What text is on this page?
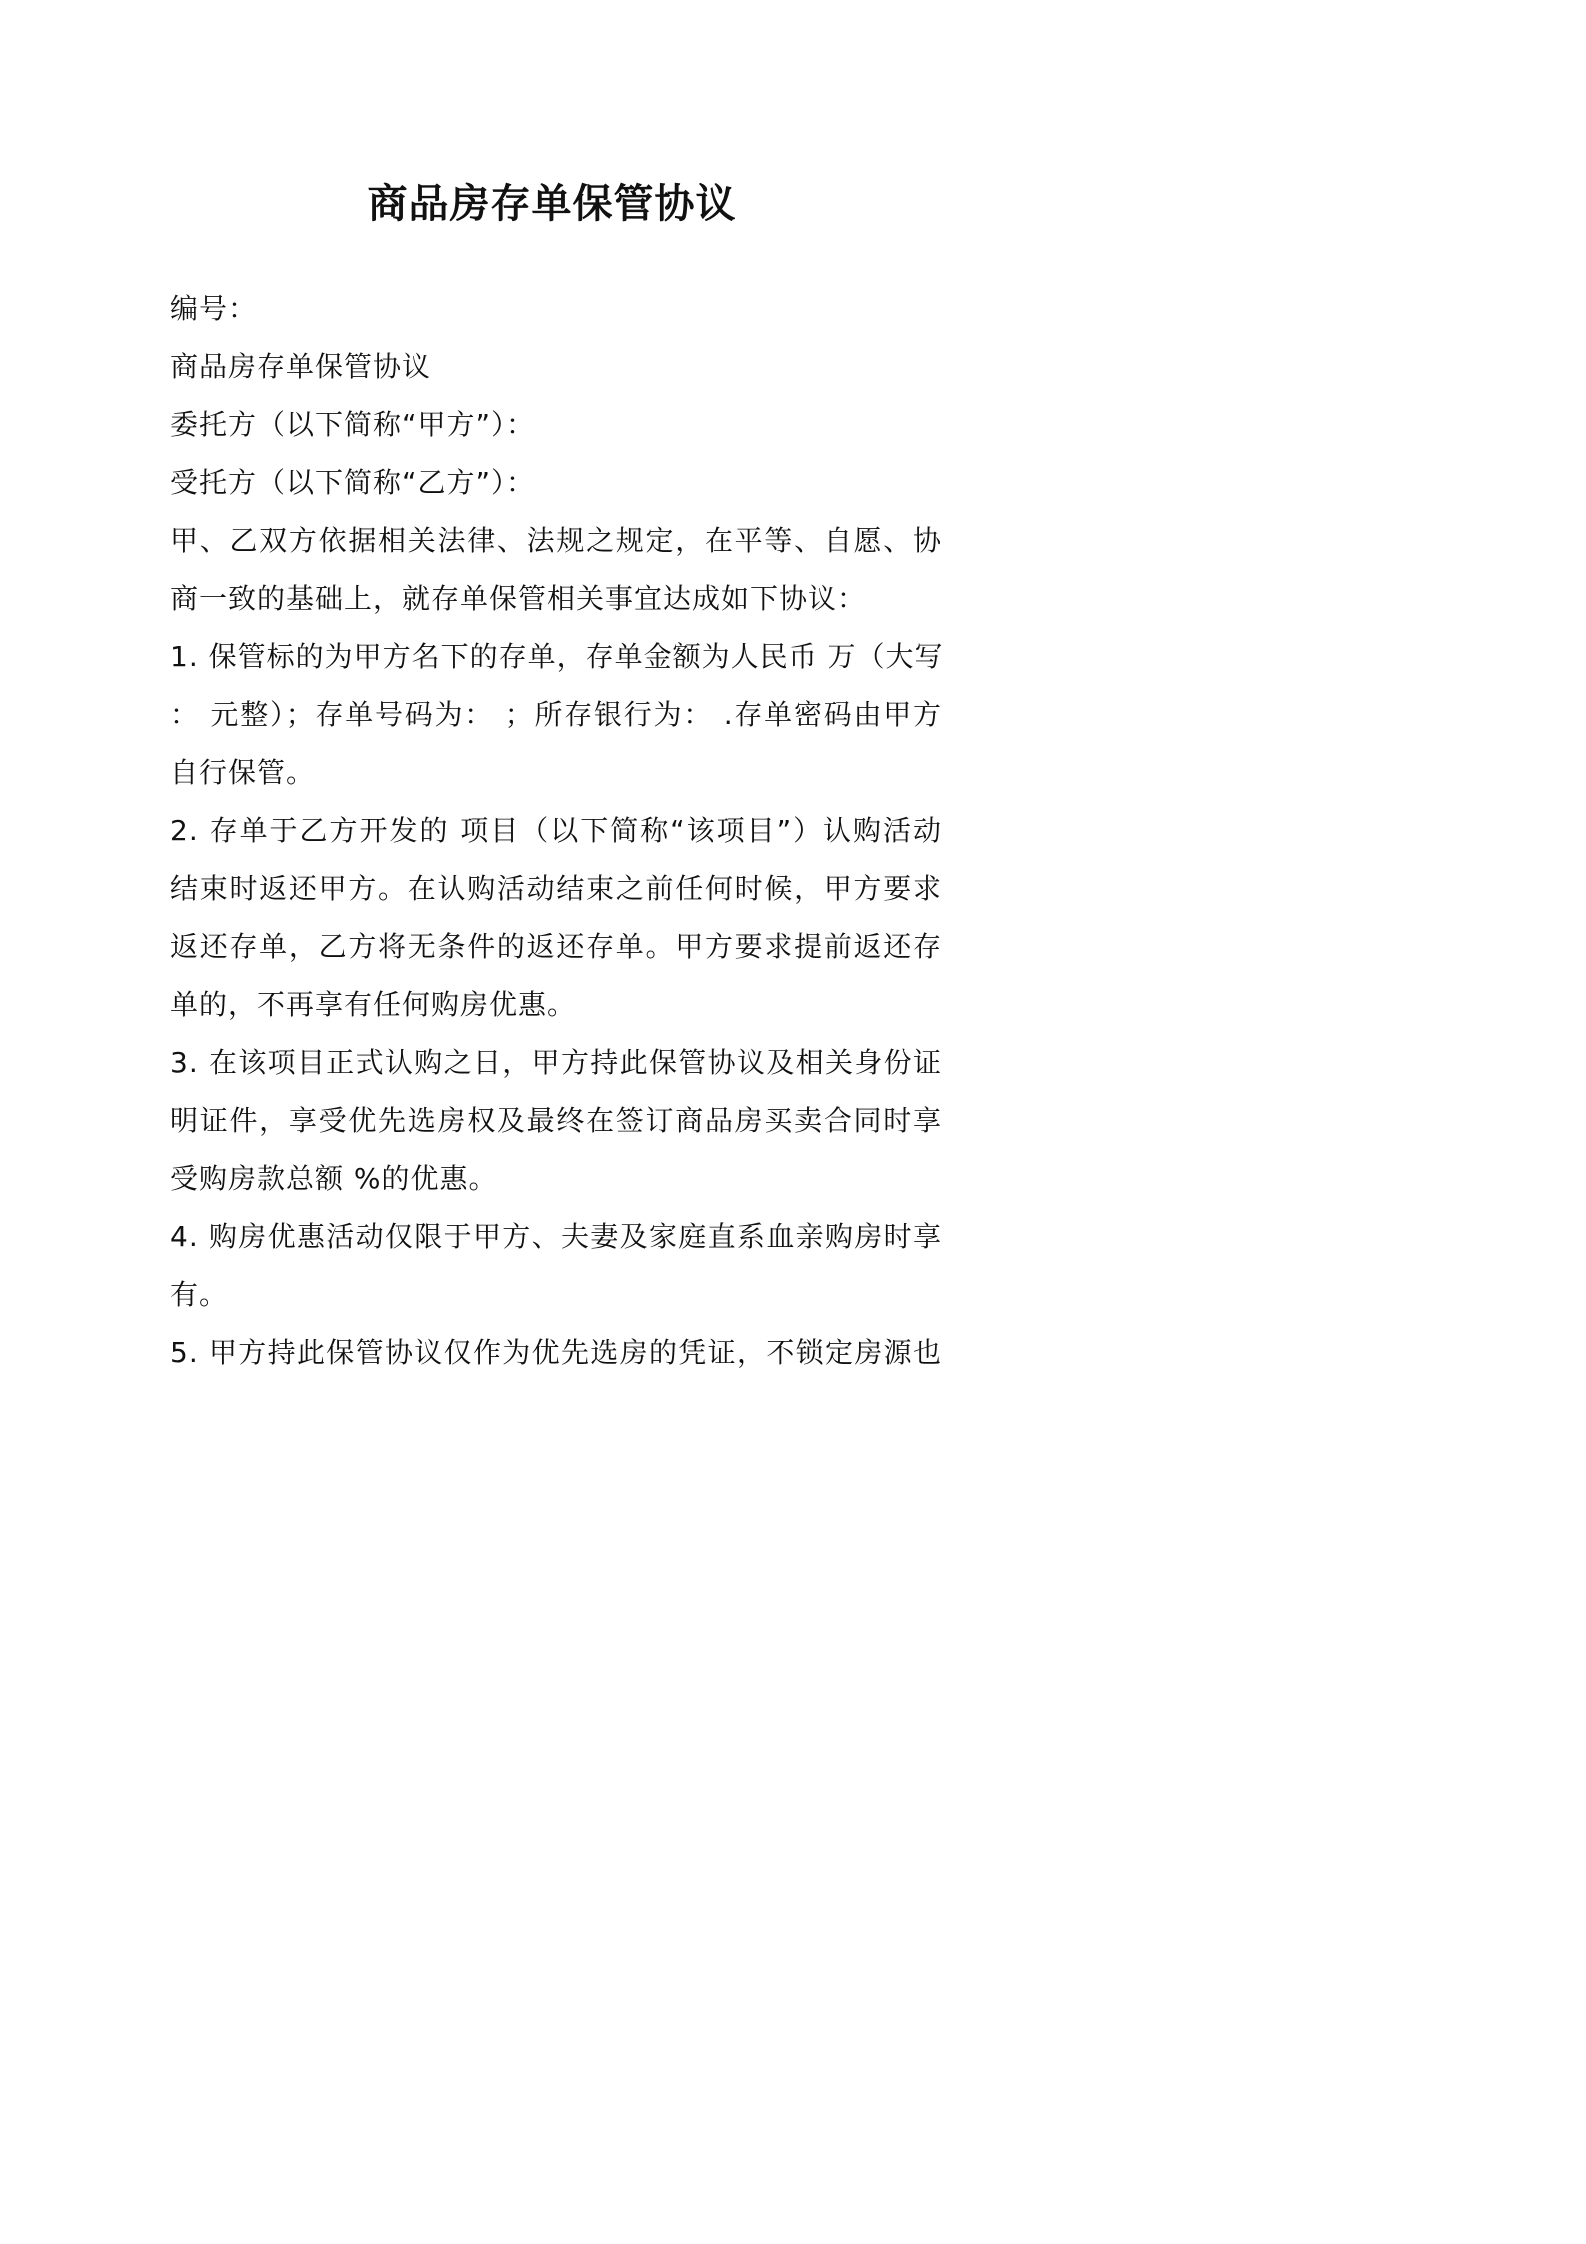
商品房存单保管协议

编号：

商品房存单保管协议

委托方（以下简称“甲方”）：

受托方（以下简称“乙方”）：

甲、乙双方依据相关法律、法规之规定，在平等、自愿、协
商一致的基础上，就存单保管相关事宜达成如下协议：

1. 保管标的为甲方名下的存单，存单金额为人民币 万（大写
： 元整）；存单号码为： ；所存银行为： .存单密码由甲方
自行保管。

2. 存单于乙方开发的 项目（以下简称“该项目”）认购活动
结束时返还甲方。在认购活动结束之前任何时候，甲方要求
返还存单，乙方将无条件的返还存单。甲方要求提前返还存
单的，不再享有任何购房优惠。

3. 在该项目正式认购之日，甲方持此保管协议及相关身份证
明证件，享受优先选房权及最终在签订商品房买卖合同时享
受购房款总额 %的优惠。

4. 购房优惠活动仅限于甲方、夫妻及家庭直系血亲购房时享
有。

5. 甲方持此保管协议仅作为优先选房的凭证，不锁定房源也
